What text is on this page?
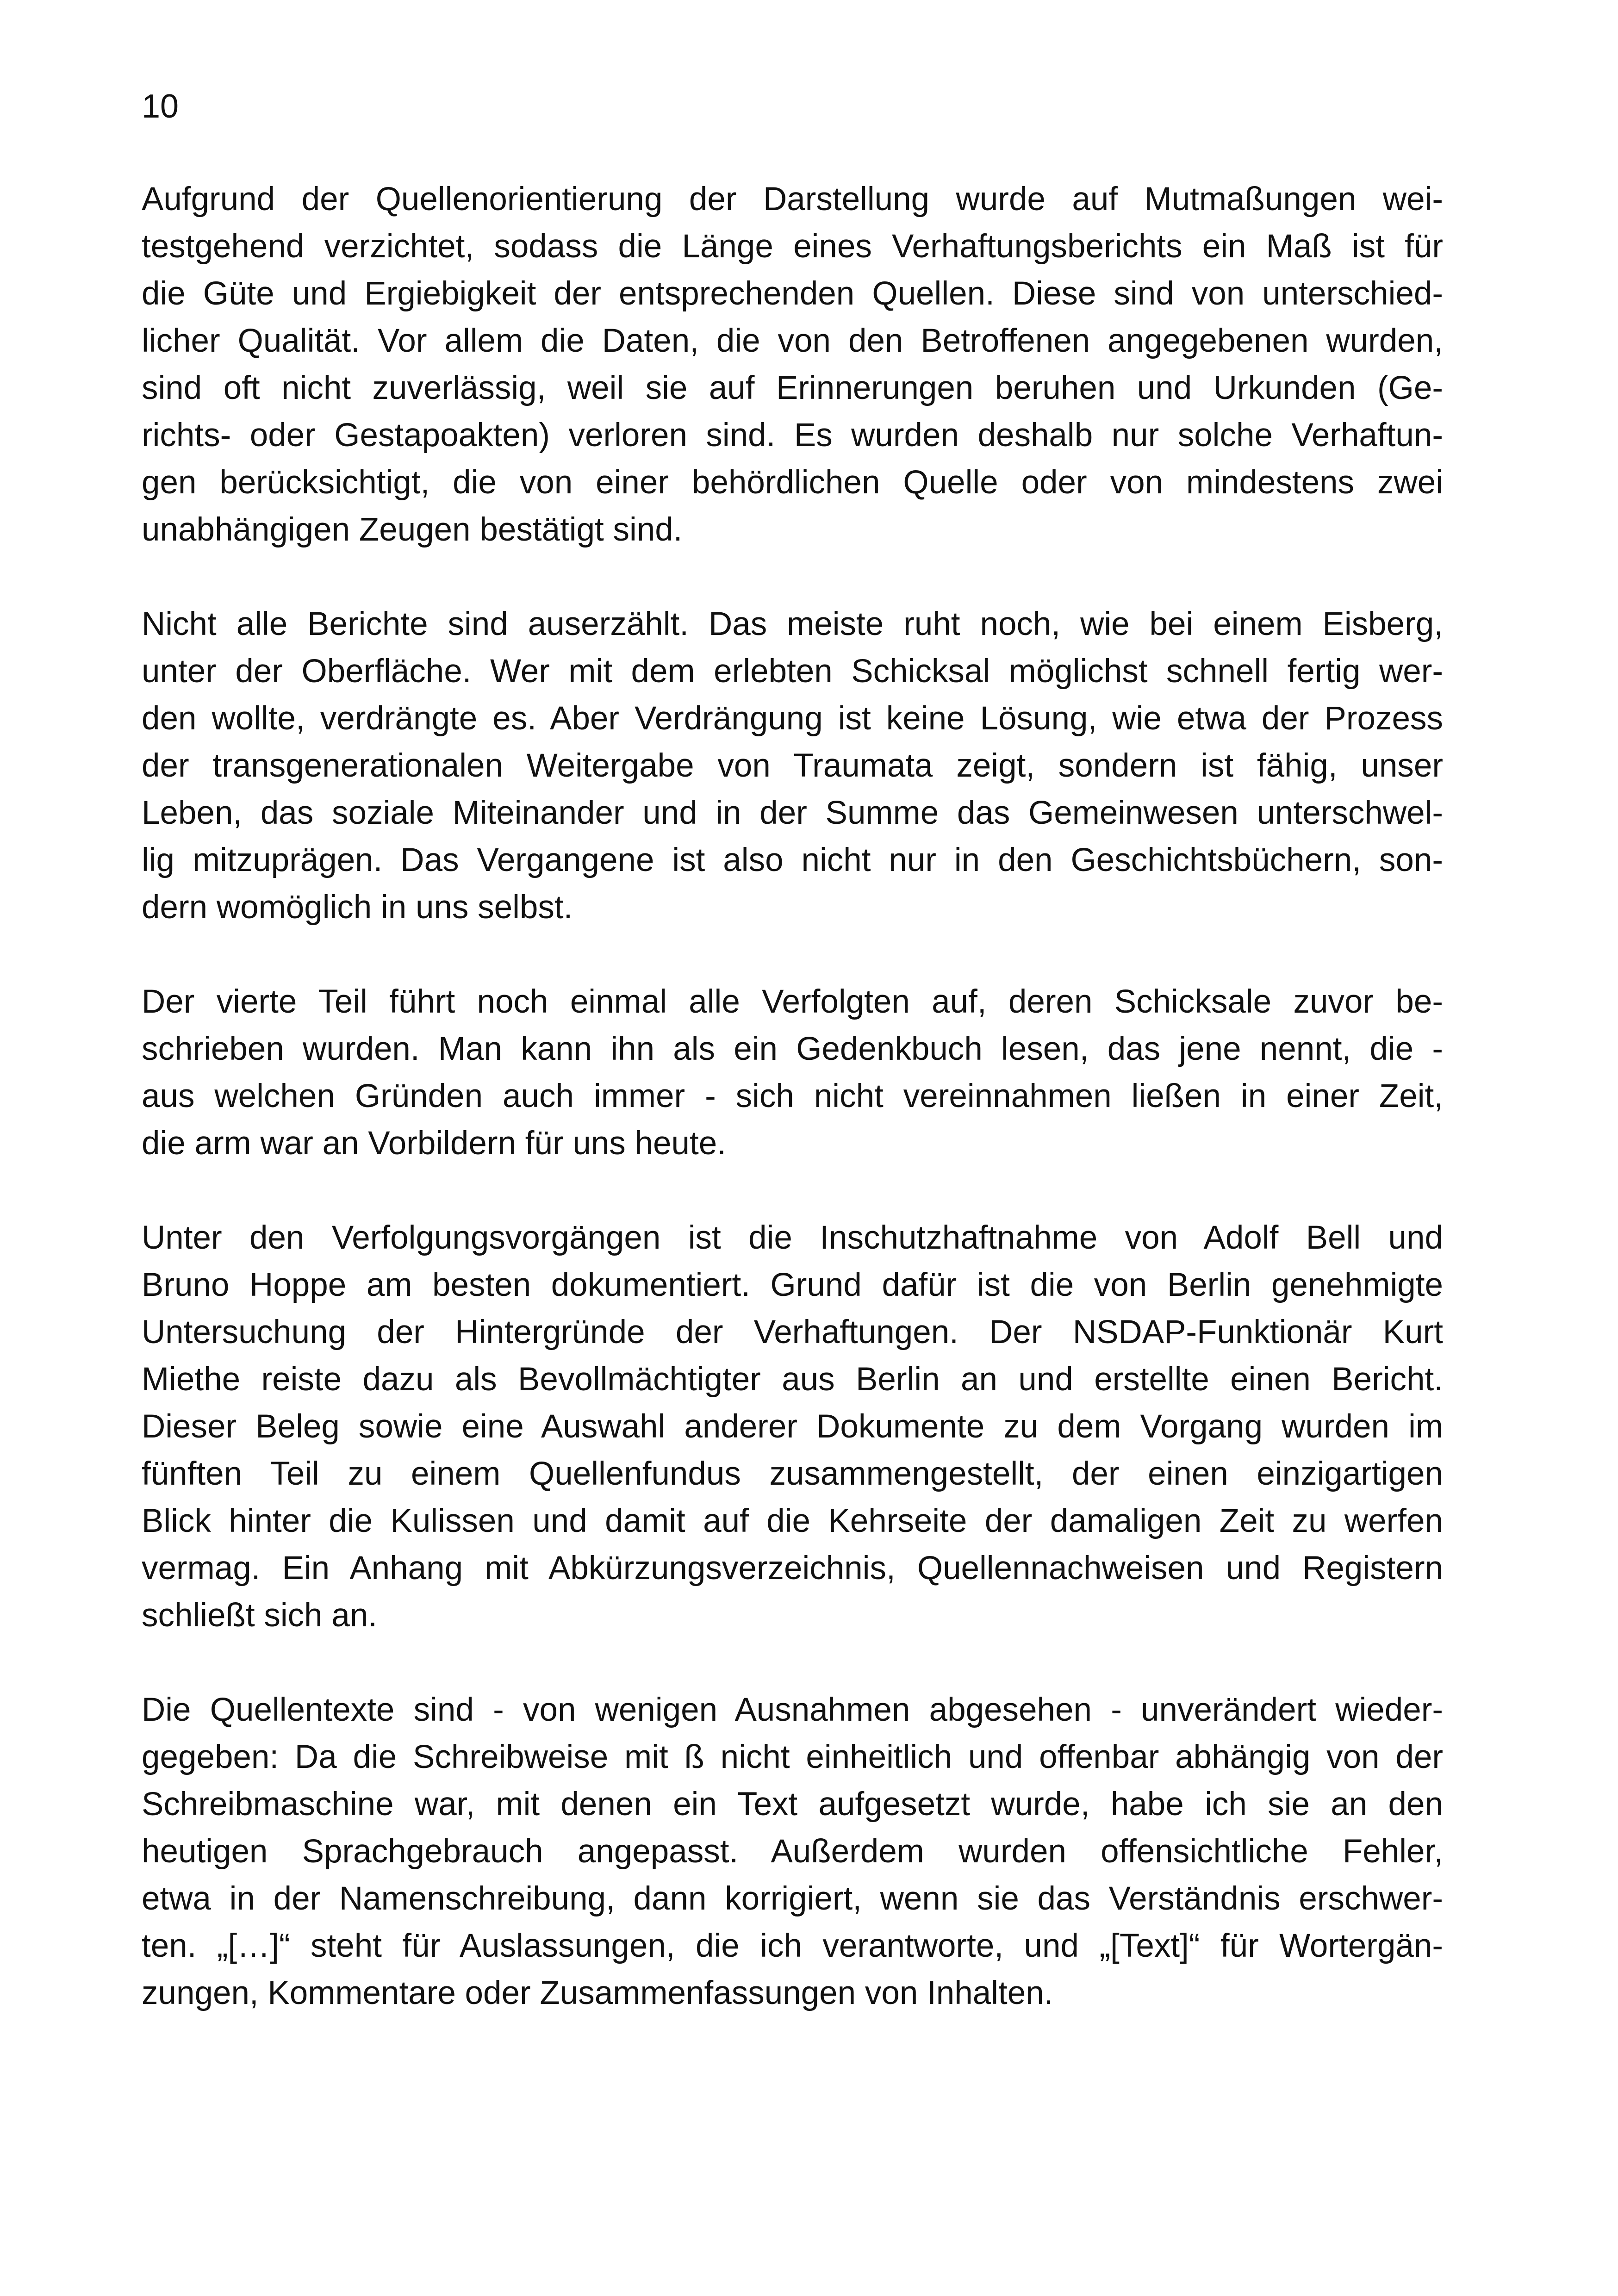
10

Aufgrund der Quellenorientierung der Darstellung wurde auf Mutmaßungen wei-
testgehend verzichtet, sodass die Länge eines Verhaftungsberichts ein Maß ist für
die Güte und Ergiebigkeit der entsprechenden Quellen. Diese sind von unterschied-
licher Qualität. Vor allem die Daten, die von den Betroffenen angegebenen wurden,
sind oft nicht zuverlässig, weil sie auf Erinnerungen beruhen und Urkunden (Ge-
richts- oder Gestapoakten) verloren sind. Es wurden deshalb nur solche Verhaftun-
gen berücksichtigt, die von einer behördlichen Quelle oder von mindestens zwei
unabhängigen Zeugen bestätigt sind.

Nicht alle Berichte sind auserzählt. Das meiste ruht noch, wie bei einem Eisberg,
unter der Oberfläche. Wer mit dem erlebten Schicksal möglichst schnell fertig wer-
den wollte, verdrängte es. Aber Verdrängung ist keine Lösung, wie etwa der Prozess
der transgenerationalen Weitergabe von Traumata zeigt, sondern ist fähig, unser
Leben, das soziale Miteinander und in der Summe das Gemeinwesen unterschwel-
lig mitzuprägen. Das Vergangene ist also nicht nur in den Geschichtsbüchern, son-
dern womöglich in uns selbst.

Der vierte Teil führt noch einmal alle Verfolgten auf, deren Schicksale zuvor be-
schrieben wurden. Man kann ihn als ein Gedenkbuch lesen, das jene nennt, die -
aus welchen Gründen auch immer - sich nicht vereinnahmen ließen in einer Zeit,
die arm war an Vorbildern für uns heute.

Unter den Verfolgungsvorgängen ist die Inschutzhaftnahme von Adolf Bell und
Bruno Hoppe am besten dokumentiert. Grund dafür ist die von Berlin genehmigte
Untersuchung der Hintergründe der Verhaftungen. Der NSDAP-Funktionär Kurt
Miethe reiste dazu als Bevollmächtigter aus Berlin an und erstellte einen Bericht.
Dieser Beleg sowie eine Auswahl anderer Dokumente zu dem Vorgang wurden im
fünften Teil zu einem Quellenfundus zusammengestellt, der einen einzigartigen
Blick hinter die Kulissen und damit auf die Kehrseite der damaligen Zeit zu werfen
vermag. Ein Anhang mit Abkürzungsverzeichnis, Quellennachweisen und Registern
schließt sich an.

Die Quellentexte sind - von wenigen Ausnahmen abgesehen - unverändert wieder-
gegeben: Da die Schreibweise mit ß nicht einheitlich und offenbar abhängig von der
Schreibmaschine war, mit denen ein Text aufgesetzt wurde, habe ich sie an den
heutigen Sprachgebrauch angepasst. Außerdem wurden offensichtliche Fehler,
etwa in der Namenschreibung, dann korrigiert, wenn sie das Verständnis erschwer-
ten. „[…]“ steht für Auslassungen, die ich verantworte, und „[Text]“ für Wortergän-
zungen, Kommentare oder Zusammenfassungen von Inhalten.
